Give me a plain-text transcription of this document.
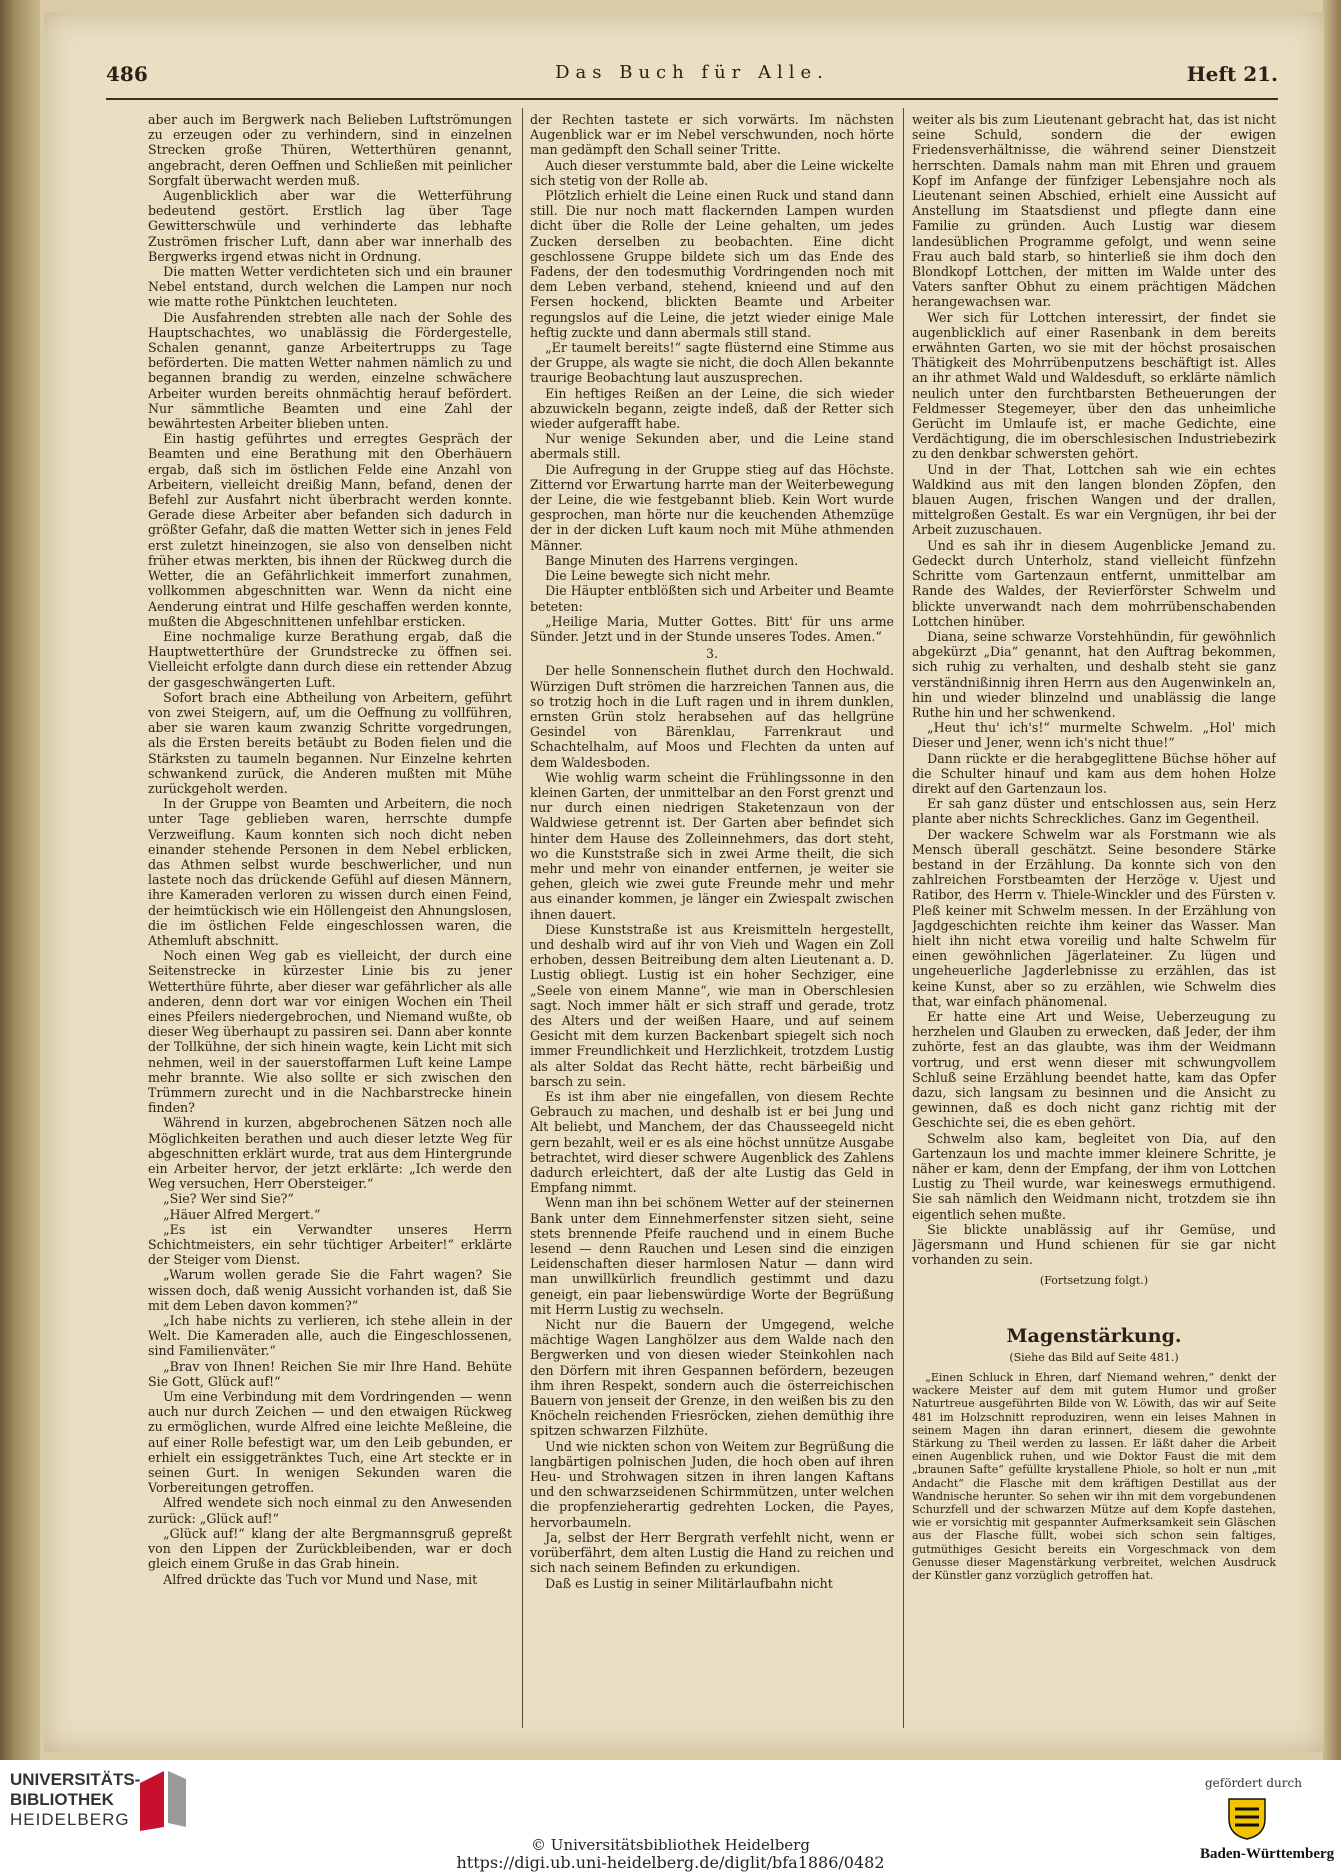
486	Das Buch für Alle.	Heft 21.

aber auch im Bergwerk nach Belieben Luftströmungen zu erzeugen oder zu verhindern, sind in einzelnen Strecken große Thüren, Wetterthüren genannt, angebracht, deren Oeffnen und Schließen mit peinlicher Sorgfalt überwacht werden muß.

Augenblicklich aber war die Wetterführung bedeutend gestört. Erstlich lag über Tage Gewitterschwüle und verhinderte das lebhafte Zuströmen frischer Luft, dann aber war innerhalb des Bergwerks irgend etwas nicht in Ordnung.

Die matten Wetter verdichteten sich und ein brauner Nebel entstand, durch welchen die Lampen nur noch wie matte rothe Pünktchen leuchteten.

Die Ausfahrenden strebten alle nach der Sohle des Hauptschachtes, wo unablässig die Fördergestelle, Schalen genannt, ganze Arbeitertrupps zu Tage beförderten. Die matten Wetter nahmen nämlich zu und begannen brandig zu werden, einzelne schwächere Arbeiter wurden bereits ohnmächtig herauf befördert. Nur sämmtliche Beamten und eine Zahl der bewährtesten Arbeiter blieben unten.

Ein hastig geführtes und erregtes Gespräch der Beamten und eine Berathung mit den Oberhäuern ergab, daß sich im östlichen Felde eine Anzahl von Arbeitern, vielleicht dreißig Mann, befand, denen der Befehl zur Ausfahrt nicht überbracht werden konnte. Gerade diese Arbeiter aber befanden sich dadurch in größter Gefahr, daß die matten Wetter sich in jenes Feld erst zuletzt hineinzogen, sie also von denselben nicht früher etwas merkten, bis ihnen der Rückweg durch die Wetter, die an Gefährlichkeit immerfort zunahmen, vollkommen abgeschnitten war. Wenn da nicht eine Aenderung eintrat und Hilfe geschaffen werden konnte, mußten die Abgeschnittenen unfehlbar ersticken.

Eine nochmalige kurze Berathung ergab, daß die Hauptwetterthüre der Grundstrecke zu öffnen sei. Vielleicht erfolgte dann durch diese ein rettender Abzug der gasgeschwängerten Luft.

Sofort brach eine Abtheilung von Arbeitern, geführt von zwei Steigern, auf, um die Oeffnung zu vollführen, aber sie waren kaum zwanzig Schritte vorgedrungen, als die Ersten bereits betäubt zu Boden fielen und die Stärksten zu taumeln begannen. Nur Einzelne kehrten schwankend zurück, die Anderen mußten mit Mühe zurückgeholt werden.

In der Gruppe von Beamten und Arbeitern, die noch unter Tage geblieben waren, herrschte dumpfe Verzweiflung. Kaum konnten sich noch dicht neben einander stehende Personen in dem Nebel erblicken, das Athmen selbst wurde beschwerlicher, und nun lastete noch das drückende Gefühl auf diesen Männern, ihre Kameraden verloren zu wissen durch einen Feind, der heimtückisch wie ein Höllengeist den Ahnungslosen, die im östlichen Felde eingeschlossen waren, die Athemluft abschnitt.

Noch einen Weg gab es vielleicht, der durch eine Seitenstrecke in kürzester Linie bis zu jener Wetterthüre führte, aber dieser war gefährlicher als alle anderen, denn dort war vor einigen Wochen ein Theil eines Pfeilers niedergebrochen, und Niemand wußte, ob dieser Weg überhaupt zu passiren sei. Dann aber konnte der Tollkühne, der sich hinein wagte, kein Licht mit sich nehmen, weil in der sauerstoffarmen Luft keine Lampe mehr brannte. Wie also sollte er sich zwischen den Trümmern zurecht und in die Nachbarstrecke hinein finden?

Während in kurzen, abgebrochenen Sätzen noch alle Möglichkeiten berathen und auch dieser letzte Weg für abgeschnitten erklärt wurde, trat aus dem Hintergrunde ein Arbeiter hervor, der jetzt erklärte: „Ich werde den Weg versuchen, Herr Obersteiger.“

„Sie? Wer sind Sie?“

„Häuer Alfred Mergert.“

„Es ist ein Verwandter unseres Herrn Schichtmeisters, ein sehr tüchtiger Arbeiter!“ erklärte der Steiger vom Dienst.

„Warum wollen gerade Sie die Fahrt wagen? Sie wissen doch, daß wenig Aussicht vorhanden ist, daß Sie mit dem Leben davon kommen?“

„Ich habe nichts zu verlieren, ich stehe allein in der Welt. Die Kameraden alle, auch die Eingeschlossenen, sind Familienväter.“

„Brav von Ihnen! Reichen Sie mir Ihre Hand. Behüte Sie Gott, Glück auf!“

Um eine Verbindung mit dem Vordringenden — wenn auch nur durch Zeichen — und den etwaigen Rückweg zu ermöglichen, wurde Alfred eine leichte Meßleine, die auf einer Rolle befestigt war, um den Leib gebunden, er erhielt ein essiggetränktes Tuch, eine Art steckte er in seinen Gurt. In wenigen Sekunden waren die Vorbereitungen getroffen.

Alfred wendete sich noch einmal zu den Anwesenden zurück: „Glück auf!“

„Glück auf!“ klang der alte Bergmannsgruß gepreßt von den Lippen der Zurückbleibenden, war er doch gleich einem Gruße in das Grab hinein.

Alfred drückte das Tuch vor Mund und Nase, mit

der Rechten tastete er sich vorwärts. Im nächsten Augenblick war er im Nebel verschwunden, noch hörte man gedämpft den Schall seiner Tritte.

Auch dieser verstummte bald, aber die Leine wickelte sich stetig von der Rolle ab.

Plötzlich erhielt die Leine einen Ruck und stand dann still. Die nur noch matt flackernden Lampen wurden dicht über die Rolle der Leine gehalten, um jedes Zucken derselben zu beobachten. Eine dicht geschlossene Gruppe bildete sich um das Ende des Fadens, der den todesmuthig Vordringenden noch mit dem Leben verband, stehend, knieend und auf den Fersen hockend, blickten Beamte und Arbeiter regungslos auf die Leine, die jetzt wieder einige Male heftig zuckte und dann abermals still stand.

„Er taumelt bereits!“ sagte flüsternd eine Stimme aus der Gruppe, als wagte sie nicht, die doch Allen bekannte traurige Beobachtung laut auszusprechen.

Ein heftiges Reißen an der Leine, die sich wieder abzuwickeln begann, zeigte indeß, daß der Retter sich wieder aufgerafft habe.

Nur wenige Sekunden aber, und die Leine stand abermals still.

Die Aufregung in der Gruppe stieg auf das Höchste. Zitternd vor Erwartung harrte man der Weiterbewegung der Leine, die wie festgebannt blieb. Kein Wort wurde gesprochen, man hörte nur die keuchenden Athemzüge der in der dicken Luft kaum noch mit Mühe athmenden Männer.

Bange Minuten des Harrens vergingen.

Die Leine bewegte sich nicht mehr.

Die Häupter entblößten sich und Arbeiter und Beamte beteten:

„Heilige Maria, Mutter Gottes. Bitt' für uns arme Sünder. Jetzt und in der Stunde unseres Todes. Amen.“

3.

Der helle Sonnenschein fluthet durch den Hochwald. Würzigen Duft strömen die harzreichen Tannen aus, die so trotzig hoch in die Luft ragen und in ihrem dunklen, ernsten Grün stolz herabsehen auf das hellgrüne Gesindel von Bärenklau, Farrenkraut und Schachtelhalm, auf Moos und Flechten da unten auf dem Waldesboden.

Wie wohlig warm scheint die Frühlingssonne in den kleinen Garten, der unmittelbar an den Forst grenzt und nur durch einen niedrigen Staketenzaun von der Waldwiese getrennt ist. Der Garten aber befindet sich hinter dem Hause des Zolleinnehmers, das dort steht, wo die Kunststraße sich in zwei Arme theilt, die sich mehr und mehr von einander entfernen, je weiter sie gehen, gleich wie zwei gute Freunde mehr und mehr aus einander kommen, je länger ein Zwiespalt zwischen ihnen dauert.

Diese Kunststraße ist aus Kreismitteln hergestellt, und deshalb wird auf ihr von Vieh und Wagen ein Zoll erhoben, dessen Beitreibung dem alten Lieutenant a. D. Lustig obliegt. Lustig ist ein hoher Sechziger, eine „Seele von einem Manne“, wie man in Oberschlesien sagt. Noch immer hält er sich straff und gerade, trotz des Alters und der weißen Haare, und auf seinem Gesicht mit dem kurzen Backenbart spiegelt sich noch immer Freundlichkeit und Herzlichkeit, trotzdem Lustig als alter Soldat das Recht hätte, recht bärbeißig und barsch zu sein.

Es ist ihm aber nie eingefallen, von diesem Rechte Gebrauch zu machen, und deshalb ist er bei Jung und Alt beliebt, und Manchem, der das Chausseegeld nicht gern bezahlt, weil er es als eine höchst unnütze Ausgabe betrachtet, wird dieser schwere Augenblick des Zahlens dadurch erleichtert, daß der alte Lustig das Geld in Empfang nimmt.

Wenn man ihn bei schönem Wetter auf der steinernen Bank unter dem Einnehmerfenster sitzen sieht, seine stets brennende Pfeife rauchend und in einem Buche lesend — denn Rauchen und Lesen sind die einzigen Leidenschaften dieser harmlosen Natur — dann wird man unwillkürlich freundlich gestimmt und dazu geneigt, ein paar liebenswürdige Worte der Begrüßung mit Herrn Lustig zu wechseln.

Nicht nur die Bauern der Umgegend, welche mächtige Wagen Langhölzer aus dem Walde nach den Bergwerken und von diesen wieder Steinkohlen nach den Dörfern mit ihren Gespannen befördern, bezeugen ihm ihren Respekt, sondern auch die österreichischen Bauern von jenseit der Grenze, in den weißen bis zu den Knöcheln reichenden Friesröcken, ziehen demüthig ihre spitzen schwarzen Filzhüte.

Und wie nickten schon von Weitem zur Begrüßung die langbärtigen polnischen Juden, die hoch oben auf ihren Heu- und Strohwagen sitzen in ihren langen Kaftans und den schwarzseidenen Schirmmützen, unter welchen die propfenzieherartig gedrehten Locken, die Payes, hervorbaumeln.

Ja, selbst der Herr Bergrath verfehlt nicht, wenn er vorüberfährt, dem alten Lustig die Hand zu reichen und sich nach seinem Befinden zu erkundigen.

Daß es Lustig in seiner Militärlaufbahn nicht

weiter als bis zum Lieutenant gebracht hat, das ist nicht seine Schuld, sondern die der ewigen Friedensverhältnisse, die während seiner Dienstzeit herrschten. Damals nahm man mit Ehren und grauem Kopf im Anfange der fünfziger Lebensjahre noch als Lieutenant seinen Abschied, erhielt eine Aussicht auf Anstellung im Staatsdienst und pflegte dann eine Familie zu gründen. Auch Lustig war diesem landesüblichen Programme gefolgt, und wenn seine Frau auch bald starb, so hinterließ sie ihm doch den Blondkopf Lottchen, der mitten im Walde unter des Vaters sanfter Obhut zu einem prächtigen Mädchen herangewachsen war.

Wer sich für Lottchen interessirt, der findet sie augenblicklich auf einer Rasenbank in dem bereits erwähnten Garten, wo sie mit der höchst prosaischen Thätigkeit des Mohrrübenputzens beschäftigt ist. Alles an ihr athmet Wald und Waldesduft, so erklärte nämlich neulich unter den furchtbarsten Betheuerungen der Feldmesser Stegemeyer, über den das unheimliche Gerücht im Umlaufe ist, er mache Gedichte, eine Verdächtigung, die im oberschlesischen Industriebezirk zu den denkbar schwersten gehört.

Und in der That, Lottchen sah wie ein echtes Waldkind aus mit den langen blonden Zöpfen, den blauen Augen, frischen Wangen und der drallen, mittelgroßen Gestalt. Es war ein Vergnügen, ihr bei der Arbeit zuzuschauen.

Und es sah ihr in diesem Augenblicke Jemand zu. Gedeckt durch Unterholz, stand vielleicht fünfzehn Schritte vom Gartenzaun entfernt, unmittelbar am Rande des Waldes, der Revierförster Schwelm und blickte unverwandt nach dem mohrrübenschabenden Lottchen hinüber.

Diana, seine schwarze Vorstehhündin, für gewöhnlich abgekürzt „Dia“ genannt, hat den Auftrag bekommen, sich ruhig zu verhalten, und deshalb steht sie ganz verständnißinnig ihren Herrn aus den Augenwinkeln an, hin und wieder blinzelnd und unablässig die lange Ruthe hin und her schwenkend.

„Heut thu' ich's!“ murmelte Schwelm. „Hol' mich Dieser und Jener, wenn ich's nicht thue!“

Dann rückte er die herabgeglittene Büchse höher auf die Schulter hinauf und kam aus dem hohen Holze direkt auf den Gartenzaun los.

Er sah ganz düster und entschlossen aus, sein Herz plante aber nichts Schreckliches. Ganz im Gegentheil.

Der wackere Schwelm war als Forstmann wie als Mensch überall geschätzt. Seine besondere Stärke bestand in der Erzählung. Da konnte sich von den zahlreichen Forstbeamten der Herzöge v. Ujest und Ratibor, des Herrn v. Thiele-Winckler und des Fürsten v. Pleß keiner mit Schwelm messen. In der Erzählung von Jagdgeschichten reichte ihm keiner das Wasser. Man hielt ihn nicht etwa voreilig und halte Schwelm für einen gewöhnlichen Jägerlateiner. Zu lügen und ungeheuerliche Jagderlebnisse zu erzählen, das ist keine Kunst, aber so zu erzählen, wie Schwelm dies that, war einfach phänomenal.

Er hatte eine Art und Weise, Ueberzeugung zu herzhelen und Glauben zu erwecken, daß Jeder, der ihm zuhörte, fest an das glaubte, was ihm der Weidmann vortrug, und erst wenn dieser mit schwungvollem Schluß seine Erzählung beendet hatte, kam das Opfer dazu, sich langsam zu besinnen und die Ansicht zu gewinnen, daß es doch nicht ganz richtig mit der Geschichte sei, die es eben gehört.

Schwelm also kam, begleitet von Dia, auf den Gartenzaun los und machte immer kleinere Schritte, je näher er kam, denn der Empfang, der ihm von Lottchen Lustig zu Theil wurde, war keineswegs ermuthigend. Sie sah nämlich den Weidmann nicht, trotzdem sie ihn eigentlich sehen mußte.

Sie blickte unablässig auf ihr Gemüse, und Jägersmann und Hund schienen für sie gar nicht vorhanden zu sein.

(Fortsetzung folgt.)
Magenstärkung.
(Siehe das Bild auf Seite 481.)

„Einen Schluck in Ehren, darf Niemand wehren,“ denkt der wackere Meister auf dem mit gutem Humor und großer Naturtreue ausgeführten Bilde von W. Löwith, das wir auf Seite 481 im Holzschnitt reproduziren, wenn ein leises Mahnen in seinem Magen ihn daran erinnert, diesem die gewohnte Stärkung zu Theil werden zu lassen. Er läßt daher die Arbeit einen Augenblick ruhen, und wie Doktor Faust die mit dem „braunen Safte“ gefüllte krystallene Phiole, so holt er nun „mit Andacht“ die Flasche mit dem kräftigen Destillat aus der Wandnische herunter. So sehen wir ihn mit dem vorgebundenen Schurzfell und der schwarzen Mütze auf dem Kopfe dastehen, wie er vorsichtig mit gespannter Aufmerksamkeit sein Gläschen aus der Flasche füllt, wobei sich schon sein faltiges, gutmüthiges Gesicht bereits ein Vorgeschmack von dem Genusse dieser Magenstärkung verbreitet, welchen Ausdruck der Künstler ganz vorzüglich getroffen hat.

UNIVERSITÄTS-
BIBLIOTHEK
HEIDELBERG
© Universitätsbibliothek Heidelberg
https://digi.ub.uni-heidelberg.de/diglit/bfa1886/0482
gefördert durch
Baden-Württemberg
